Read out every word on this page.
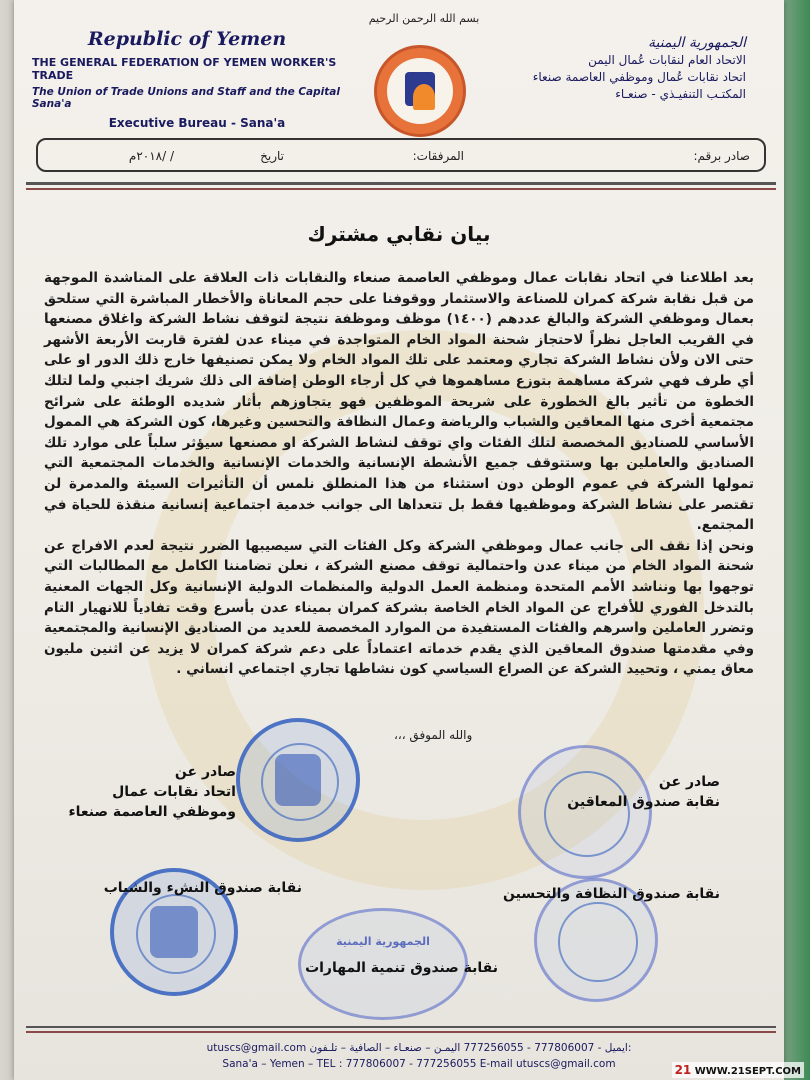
بسم الله الرحمن الرحيم
Republic of Yemen
THE GENERAL FEDERATION OF YEMEN WORKER'S TRADE
The Union of Trade Unions and Staff and the Capital Sana'a
Executive Bureau - Sana'a
الجمهورية اليمنية
الاتحاد العام لنقابات عُمال اليمن
اتحاد نقابات عُمال وموظفي العاصمة صنعاء
المكتـب التنفيـذي - صنعـاء
صادر برقم:
المرفقات:
تاريخ
/ /٢٠١٨م
بيان نقابي مشترك

بعد اطلاعنا في اتحاد نقابات عمال وموظفي العاصمة صنعاء والنقابات ذات العلاقة على المناشدة الموجهة من قبل نقابة شركة كمران للصناعة والاستثمار ووقوفنا على حجم المعاناة والأخطار المباشرة التي ستلحق بعمال وموظفي الشركة والبالغ عددهم (١٤٠٠) موظف وموظفة نتيجة لتوقف نشاط الشركة واغلاق مصنعها في القريب العاجل نظراً لاحتجاز شحنة المواد الخام المتواجدة في ميناء عدن لفترة قاربت الأربعة الأشهر حتى الان ولأن نشاط الشركة تجاري ومعتمد على تلك المواد الخام ولا يمكن تصنيفها خارج ذلك الدور او على أي طرف فهي شركة مساهمة بتوزع مساهموها في كل أرجاء الوطن إضافة الى ذلك شريك اجنبي ولما لتلك الخطوة من تأثير بالغ الخطورة على شريحة الموظفين فهو يتجاوزهم بأثار شديده الوطئة على شرائح مجتمعية أخرى منها المعاقين والشباب والرياضة وعمال النظافة والتحسين وغيرها، كون الشركة هي الممول الأساسي للصناديق المخصصة لتلك الفئات واي توقف لنشاط الشركة او مصنعها سيؤثر سلباً على موارد تلك الصناديق والعاملين بها وستتوقف جميع الأنشطة الإنسانية والخدمات الإنسانية والخدمات المجتمعية التي تمولها الشركة في عموم الوطن دون استثناء من هذا المنطلق نلمس أن التأثيرات السيئة والمدمرة لن تقتصر على نشاط الشركة وموظفيها فقط بل تتعداها الى جوانب خدمية اجتماعية إنسانية منقذة للحياة في المجتمع.

ونحن إذا نقف الى جانب عمال وموظفي الشركة وكل الفئات التي سيصيبها الضرر نتيجة لعدم الافراج عن شحنة المواد الخام من ميناء عدن واحتمالية توقف مصنع الشركة ، نعلن تضامننا الكامل مع المطالبات التي توجهوا بها ونناشد الأمم المتحدة ومنظمة العمل الدولية والمنظمات الدولية الإنسانية وكل الجهات المعنية بالتدخل الفوري للأفراج عن المواد الخام الخاصة بشركة كمران بميناء عدن بأسرع وقت تفادياً للانهيار التام وتضرر العاملين واسرهم والفئات المستفيدة من الموارد المخصصة للعديد من الصناديق الإنسانية والمجتمعية وفي مقدمتها صندوق المعاقين الذي يقدم خدماته اعتماداً على دعم شركة كمران لا يزيد عن اثنين مليون معاق يمني ، وتحييد الشركة عن الصراع السياسي كون نشاطها تجاري اجتماعي انساني .

والله الموفق ،،،
صادر عن
اتحاد نقابات عمال
وموظفي العاصمة صنعاء
صادر عن
نقابة صندوق المعاقين
نقابة صندوق النشء والشباب	نقابة صندوق النظافة والتحسين
الجمهورية اليمنية
نقابة صندوق تنمية المهارات
utuscs@gmail.com ايميل - 777806007 - 777256055 اليمـن – صنعـاء – الصافية – تلـفون:
Sana'a – Yemen – TEL : 777806007 - 777256055 E-mail utuscs@gmail.com	21 WWW.21SEPT.COM
